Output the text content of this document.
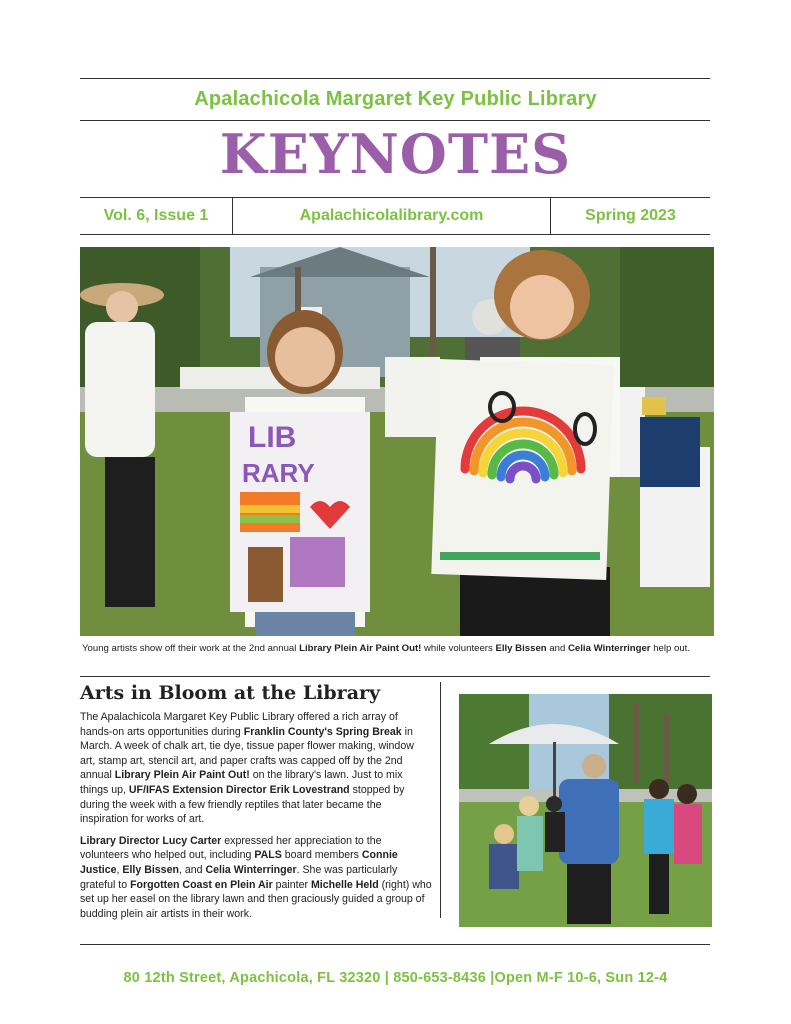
Apalachicola Margaret Key Public Library
KEYNOTES
Vol. 6, Issue 1	Apalachicolalibrary.com	Spring 2023
LIB
RARY
Young artists show off their work at the 2nd annual Library Plein Air Paint Out! while volunteers Elly Bissen and Celia Winterringer help out.
Arts in Bloom at the Library

The Apalachicola Margaret Key Public Library offered a rich array of hands-on arts opportunities during Franklin County's Spring Break in March. A week of chalk art, tie dye, tissue paper flower making, window art, stamp art, stencil art, and paper crafts was capped off by the 2nd annual Library Plein Air Paint Out! on the library's lawn. Just to mix things up, UF/IFAS Extension Director Erik Lovestrand stopped by during the week with a few friendly reptiles that later became the inspiration for works of art.

Library Director Lucy Carter expressed her appreciation to the volunteers who helped out, including PALS board members Connie Justice, Elly Bissen, and Celia Winterringer. She was particularly grateful to Forgotten Coast en Plein Air painter Michelle Held (right) who set up her easel on the library lawn and then graciously guided a group of budding plein air artists in their work.

80 12th Street, Apachicola, FL 32320 | 850-653-8436 |Open M-F 10-6, Sun 12-4
